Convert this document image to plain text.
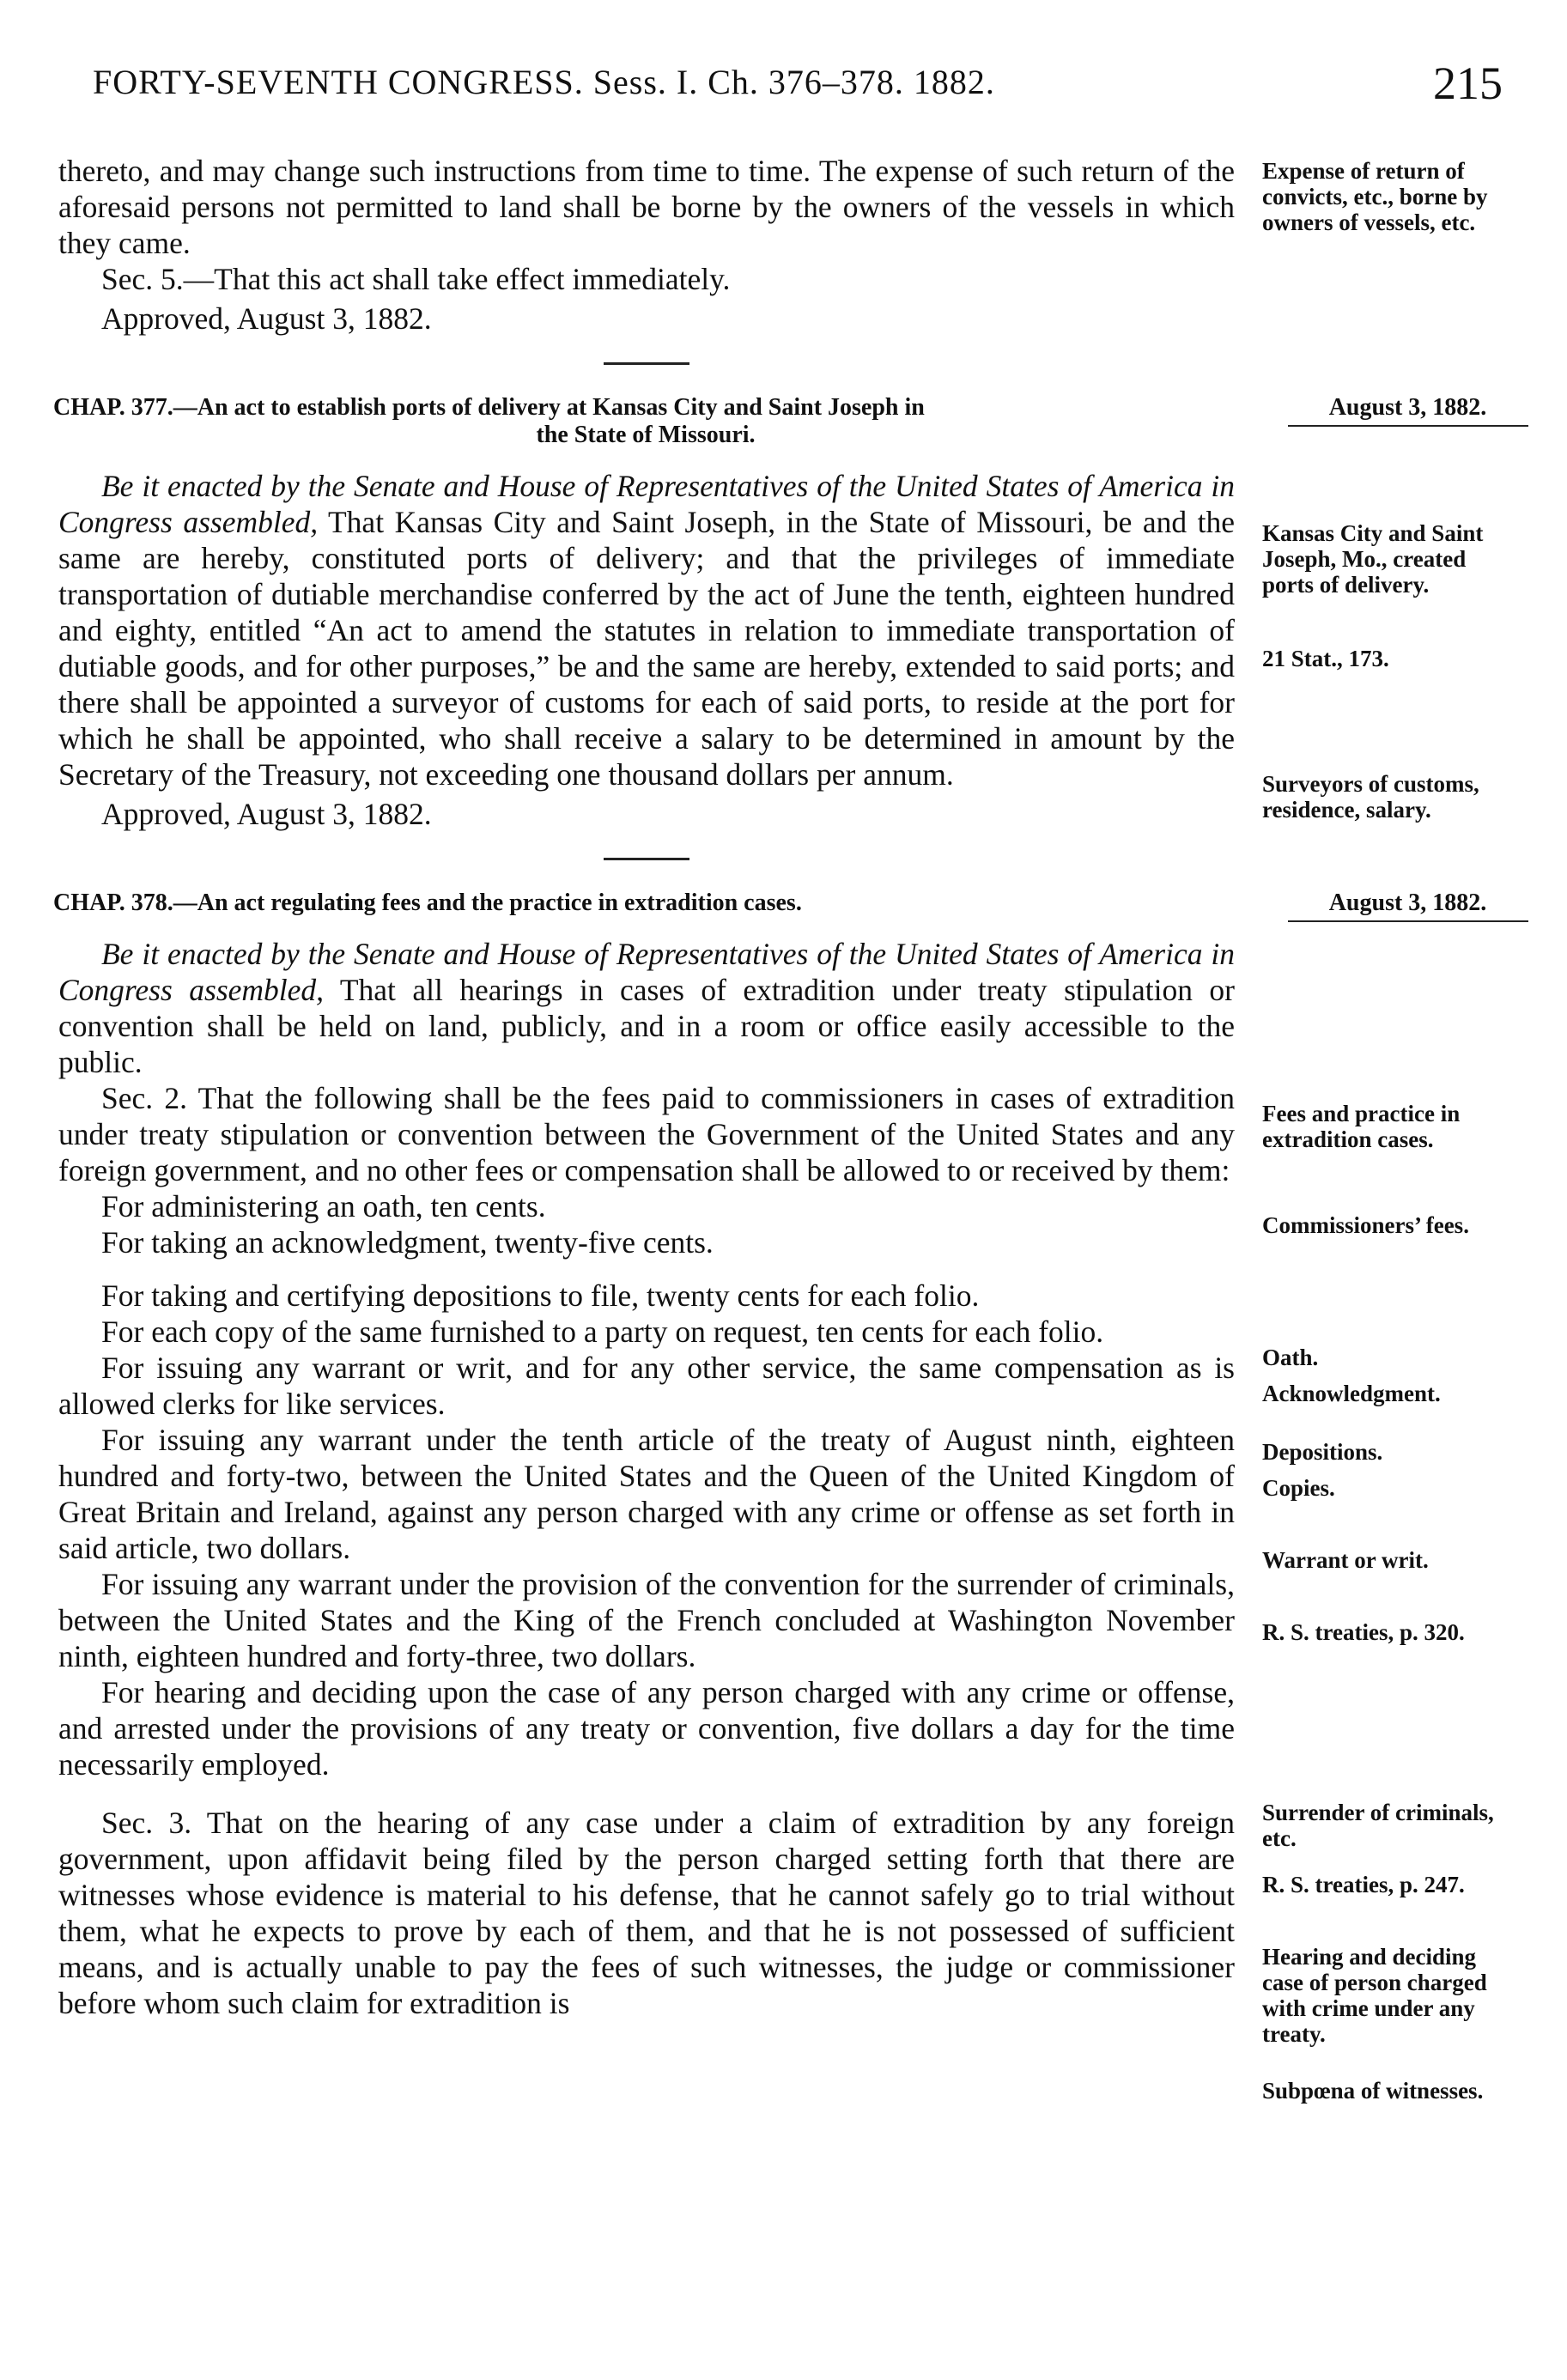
FORTY-SEVENTH CONGRESS. Sess. I. Ch. 376–378. 1882.	215

thereto, and may change such instructions from time to time. The expense of such return of the aforesaid persons not permitted to land shall be borne by the owners of the vessels in which they came.

Sec. 5.—That this act shall take effect immediately.

Approved, August 3, 1882.

CHAP. 377.—An act to establish ports of delivery at Kansas City and Saint Joseph in
the State of Missouri.
August 3, 1882.

Be it enacted by the Senate and House of Representatives of the United States of America in Congress assembled, That Kansas City and Saint Joseph, in the State of Missouri, be and the same are hereby, constituted ports of delivery; and that the privileges of immediate transportation of dutiable merchandise conferred by the act of June the tenth, eighteen hundred and eighty, entitled “An act to amend the statutes in relation to immediate transportation of dutiable goods, and for other purposes,” be and the same are hereby, extended to said ports; and there shall be appointed a surveyor of customs for each of said ports, to reside at the port for which he shall be appointed, who shall receive a salary to be determined in amount by the Secretary of the Treasury, not exceeding one thousand dollars per annum.

Approved, August 3, 1882.

CHAP. 378.—An act regulating fees and the practice in extradition cases.	August 3, 1882.

Be it enacted by the Senate and House of Representatives of the United States of America in Congress assembled, That all hearings in cases of extradition under treaty stipulation or convention shall be held on land, publicly, and in a room or office easily accessible to the public.

Sec. 2. That the following shall be the fees paid to commissioners in cases of extradition under treaty stipulation or convention between the Government of the United States and any foreign government, and no other fees or compensation shall be allowed to or received by them:

For administering an oath, ten cents.

For taking an acknowledgment, twenty-five cents.

For taking and certifying depositions to file, twenty cents for each folio.

For each copy of the same furnished to a party on request, ten cents for each folio.

For issuing any warrant or writ, and for any other service, the same compensation as is allowed clerks for like services.

For issuing any warrant under the tenth article of the treaty of August ninth, eighteen hundred and forty-two, between the United States and the Queen of the United Kingdom of Great Britain and Ireland, against any person charged with any crime or offense as set forth in said article, two dollars.

For issuing any warrant under the provision of the convention for the surrender of criminals, between the United States and the King of the French concluded at Washington November ninth, eighteen hundred and forty-three, two dollars.

For hearing and deciding upon the case of any person charged with any crime or offense, and arrested under the provisions of any treaty or convention, five dollars a day for the time necessarily employed.

Sec. 3. That on the hearing of any case under a claim of extradition by any foreign government, upon affidavit being filed by the person charged setting forth that there are witnesses whose evidence is material to his defense, that he cannot safely go to trial without them, what he expects to prove by each of them, and that he is not possessed of sufficient means, and is actually unable to pay the fees of such witnesses, the judge or commissioner before whom such claim for extradition is

Expense of return of convicts, etc., borne by owners of vessels, etc.
Kansas City and Saint Joseph, Mo., created ports of delivery.
21 Stat., 173.
Surveyors of customs, residence, salary.
Fees and practice in extradition cases.
Commissioners’ fees.
Oath.
Acknowledgment.
Depositions.
Copies.
Warrant or writ.
R. S. treaties, p. 320.
Surrender of criminals, etc.
R. S. treaties, p. 247.
Hearing and deciding case of person charged with crime under any treaty.
Subpœna of witnesses.
